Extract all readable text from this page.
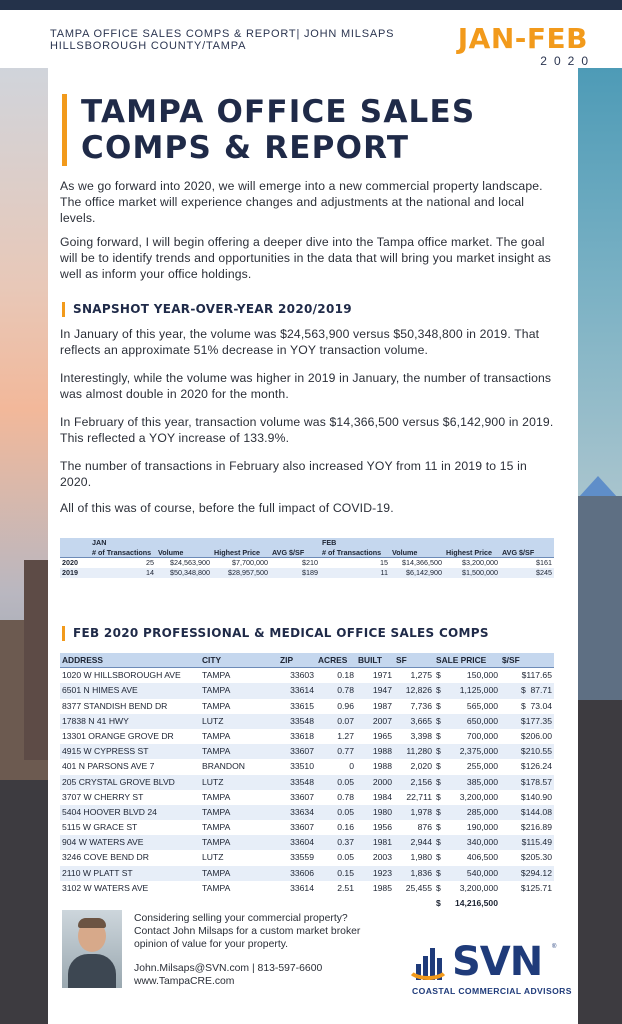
TAMPA OFFICE SALES COMPS & REPORT| JOHN MILSAPS
HILLSBOROUGH COUNTY/TAMPA	JAN-FEB
2020
TAMPA OFFICE SALES
COMPS & REPORT
As we go forward into 2020, we will emerge into a new commercial property landscape. The office market will experience changes and adjustments at the national and local levels.
Going forward, I will begin offering a deeper dive into the Tampa office market. The goal will be to identify trends and opportunities in the data that will bring you market insight as well as inform your office holdings.
SNAPSHOT YEAR-OVER-YEAR 2020/2019
In January of this year, the volume was $24,563,900 versus $50,348,800 in 2019. That reflects an approximate 51% decrease in YOY transaction volume.
Interestingly, while the volume was higher in 2019 in January, the number of transactions was almost double in 2020 for the month.
In February of this year, transaction volume was $14,366,500 versus $6,142,900 in 2019. This reflected a YOY increase of 133.9%.
The number of transactions in February also increased YOY from 11 in 2019 to 15 in 2020.
All of this was of course, before the full impact of COVID-19.
JAN	FEB
# of Transactions Volume	Highest Price	AVG $/SF	# of Transactions	Volume	Highest Price	AVG $/SF
2020	25	$24,563,900	$7,700,000	$210	15	$14,366,500	$3,200,000	$161
2019	14	$50,348,800	$28,957,500	$189	11	$6,142,900	$1,500,000	$245
FEB 2020 PROFESSIONAL & MEDICAL OFFICE SALES COMPS
ADDRESS	CITY	ZIP	ACRES	BUILT	SF	SALE PRICE	$/SF
1020 W HILLSBOROUGH AVE	TAMPA	33603	0.18	1971	1,275 $	150,000	$117.65
6501 N HIMES AVE	TAMPA	33614	0.78	1947	12,826 $	1,125,000	$  87.71
8377 STANDISH BEND DR	TAMPA	33615	0.96	1987	7,736 $	565,000	$  73.04
17838 N 41 HWY	LUTZ	33548	0.07	2007	3,665 $	650,000	$177.35
13301 ORANGE GROVE DR	TAMPA	33618	1.27	1965	3,398 $	700,000	$206.00
4915 W CYPRESS ST	TAMPA	33607	0.77	1988	11,280 $	2,375,000	$210.55
401 N PARSONS AVE 7	BRANDON	33510	0	1988	2,020 $	255,000	$126.24
205 CRYSTAL GROVE BLVD	LUTZ	33548	0.05	2000	2,156 $	385,000	$178.57
3707 W CHERRY ST	TAMPA	33607	0.78	1984	22,711 $	3,200,000	$140.90
5404 HOOVER BLVD 24	TAMPA	33634	0.05	1980	1,978 $	285,000	$144.08
5115 W GRACE ST	TAMPA	33607	0.16	1956	876 $	190,000	$216.89
904 W WATERS AVE	TAMPA	33604	0.37	1981	2,944 $	340,000	$115.49
3246 COVE BEND DR	LUTZ	33559	0.05	2003	1,980 $	406,500	$205.30
2110 W PLATT ST	TAMPA	33606	0.15	1923	1,836 $	540,000	$294.12
3102 W WATERS AVE	TAMPA	33614	2.51	1985	25,455 $	3,200,000	$125.71
$	14,216,500
Considering selling your commercial property?
Contact John Milsaps for a custom market broker
opinion of value for your property.
John.Milsaps@SVN.com | 813-597-6600
www.TampaCRE.com	SVN ®
COASTAL COMMERCIAL ADVISORS
